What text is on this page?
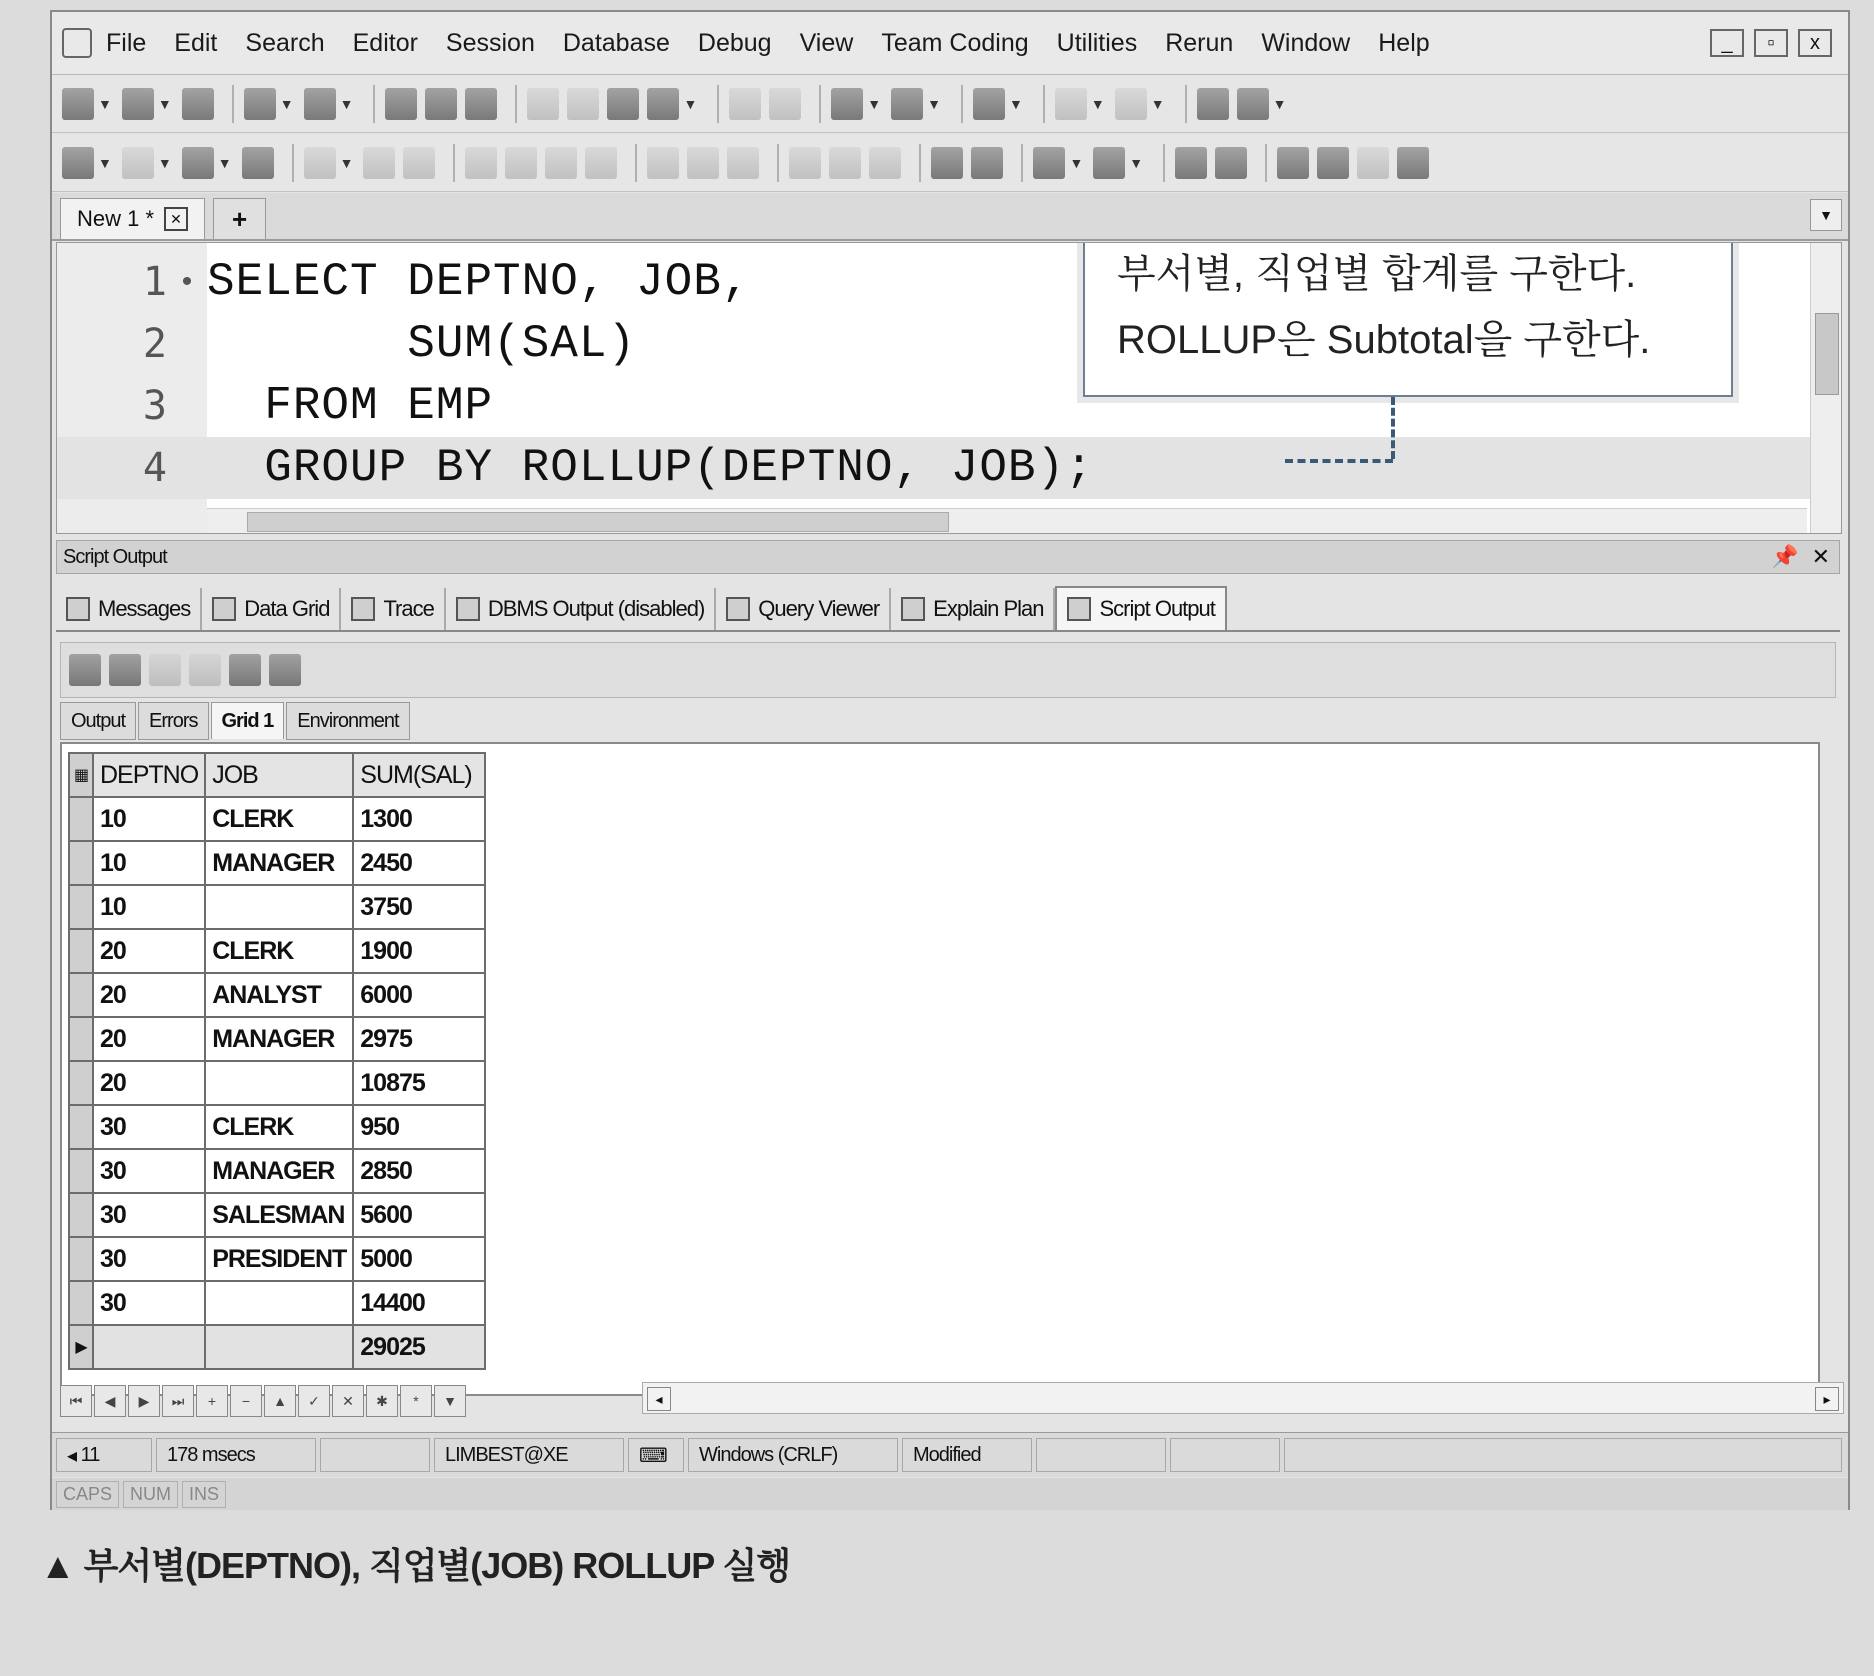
File Edit Search Editor Session Database Debug View Team Coding Utilities Rerun Window Help	_	▫	x
▼	▼	▼	▼	▼	▼	▼	▼	▼	▼	▼
▼	▼	▼	▼	▼	▼
New 1 *	✕	+	▼
1 • SELECT DEPTNO, JOB,
2 SUM(SAL)
3 FROM EMP
4 GROUP BY ROLLUP(DEPTNO, JOB);
부서별, 직업별 합계를 구한다.
ROLLUP은 Subtotal을 구한다.
Script Output	📌 ✕
Messages Data Grid Trace DBMS Output (disabled) Query Viewer Explain Plan	Script Output
Output	Errors	Grid 1	Environment
▦	DEPTNO	JOB	SUM(SAL)
	10	CLERK	1300
	10	MANAGER	2450
	10		3750
	20	CLERK	1900
	20	ANALYST	6000
	20	MANAGER	2975
	20		10875
	30	CLERK	950
	30	MANAGER	2850
	30	SALESMAN	5600
	30	PRESIDENT	5000
	30		14400
▶			29025
⏮	◀	▶	⏭	+	−	▲	✓	✕	✱	*	▼	◂	▸
◂ 11	178 msecs	LIMBEST@XE	⌨	Windows (CRLF)	Modified
CAPS	NUM	INS
▲ 부서별(DEPTNO), 직업별(JOB) ROLLUP 실행
